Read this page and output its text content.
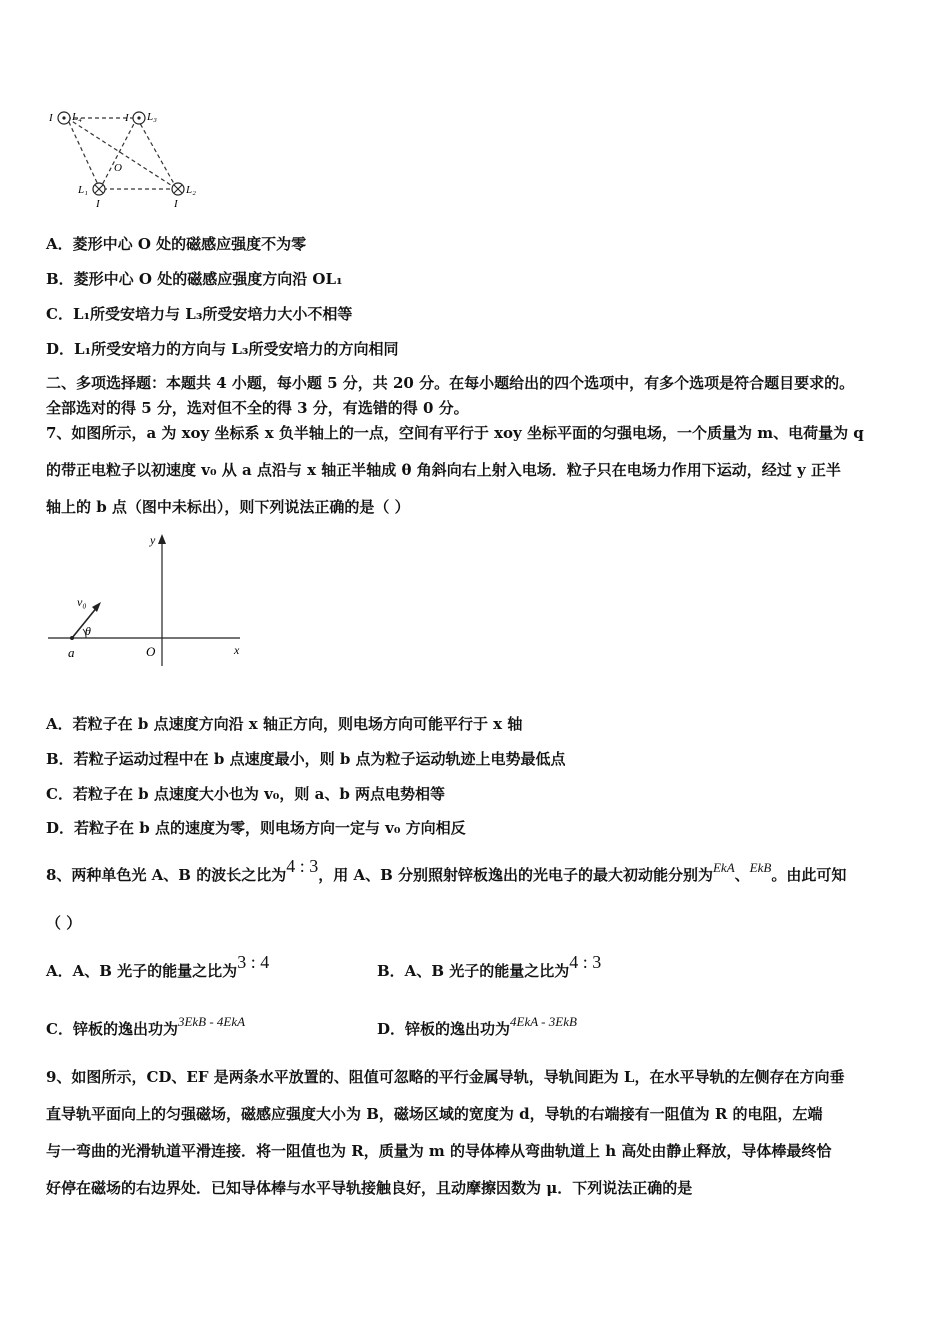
I L₄	I L₃
O
L₁	L₂
I	I
A．菱形中心 O 处的磁感应强度不为零
B．菱形中心 O 处的磁感应强度方向沿 OL₁
C．L₁所受安培力与 L₃所受安培力大小不相等
D．L₁所受安培力的方向与 L₃所受安培力的方向相同
二、多项选择题：本题共 4 小题，每小题 5 分，共 20 分。在每小题给出的四个选项中，有多个选项是符合题目要求的。
全部选对的得 5 分，选对但不全的得 3 分，有选错的得 0 分。
7、如图所示，a 为 xoy 坐标系 x 负半轴上的一点，空间有平行于 xoy 坐标平面的匀强电场，一个质量为 m、电荷量为 q
的带正电粒子以初速度 v₀ 从 a 点沿与 x 轴正半轴成 θ 角斜向右上射入电场．粒子只在电场力作用下运动，经过 y 正半
轴上的 b 点（图中未标出），则下列说法正确的是（ ）
y
x
v₀
θ
a	O
A．若粒子在 b 点速度方向沿 x 轴正方向，则电场方向可能平行于 x 轴
B．若粒子运动过程中在 b 点速度最小，则 b 点为粒子运动轨迹上电势最低点
C．若粒子在 b 点速度大小也为 v₀，则 a、b 两点电势相等
D．若粒子在 b 点的速度为零，则电场方向一定与 v₀ 方向相反
8、两种单色光 A、B 的波长之比为4 : 3，用 A、B 分别照射锌板逸出的光电子的最大初动能分别为EkA、EkB。由此可知
（ ）
A．A、B 光子的能量之比为3 : 4	B．A、B 光子的能量之比为4 : 3
C．锌板的逸出功为3EkB - 4EkA	D．锌板的逸出功为4EkA - 3EkB
9、如图所示，CD、EF 是两条水平放置的、阻值可忽略的平行金属导轨，导轨间距为 L，在水平导轨的左侧存在方向垂
直导轨平面向上的匀强磁场，磁感应强度大小为 B，磁场区域的宽度为 d，导轨的右端接有一阻值为 R 的电阻，左端
与一弯曲的光滑轨道平滑连接．将一阻值也为 R，质量为 m 的导体棒从弯曲轨道上 h 高处由静止释放，导体棒最终恰
好停在磁场的右边界处．已知导体棒与水平导轨接触良好，且动摩擦因数为 μ．下列说法正确的是
